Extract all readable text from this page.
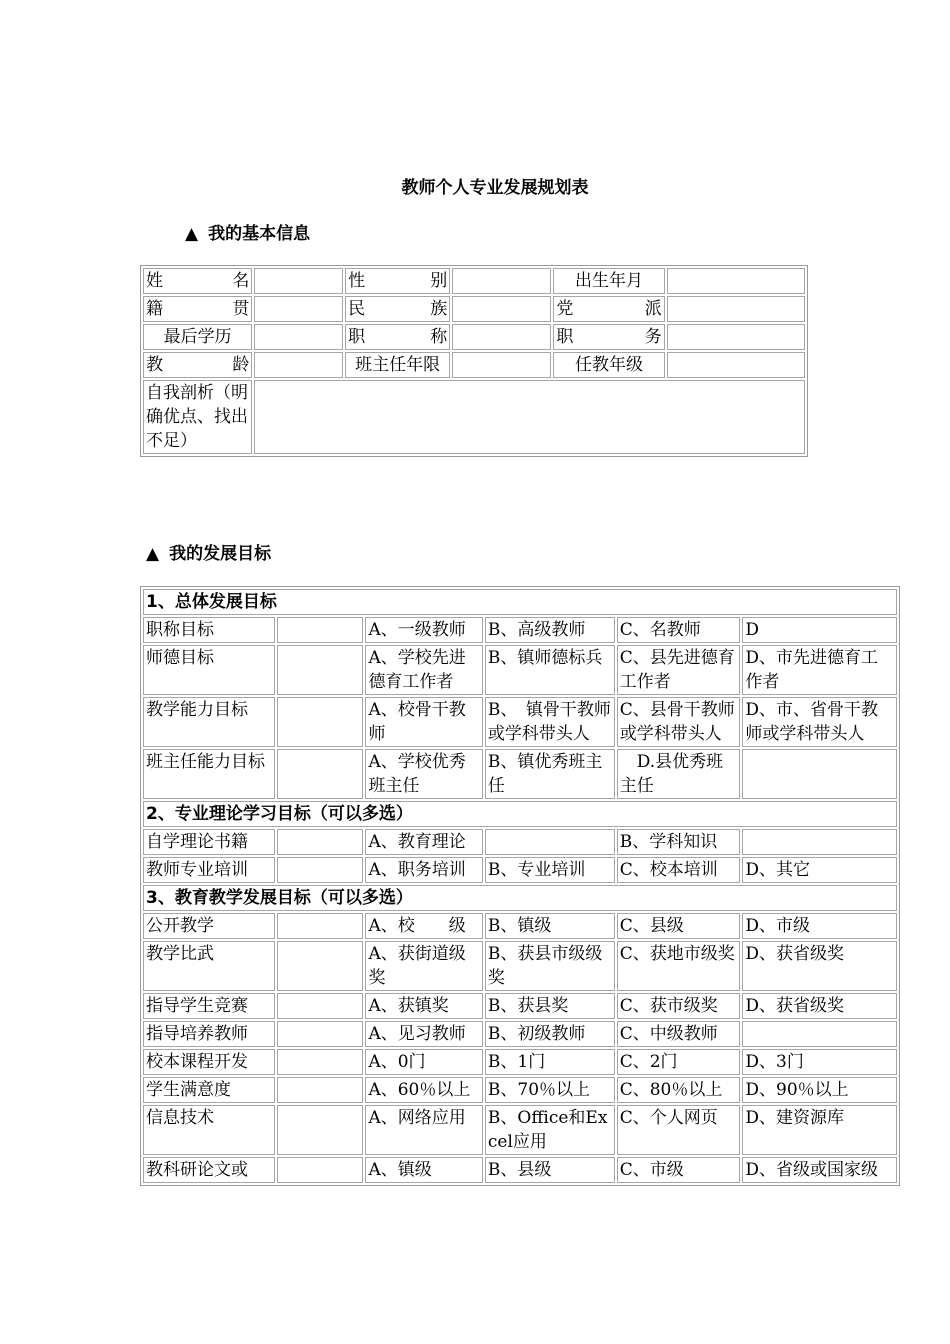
教师个人专业发展规划表
▲ 我的基本信息
姓　　名		性　　别		出生年月	
籍　　贯		民　　族		党　　派	
最后学历		职　　称		职　　务	
教　　龄		班主任年限		任教年级	
自我剖析（明确优点、找出不足）					
▲ 我的发展目标
1、总体发展目标					
职称目标		A、一级教师	B、高级教师	C、名教师	D
师德目标		A、学校先进德育工作者	B、镇师德标兵	C、县先进德育工作者	D、市先进德育工作者
教学能力目标		A、校骨干教师	B、　镇骨干教师或学科带头人	C、县骨干教师或学科带头人	D、市、省骨干教师或学科带头人
班主任能力目标		A、学校优秀班主任	B、镇优秀班主任	　D.县优秀班主任	
2、专业理论学习目标（可以多选）					
自学理论书籍		A、教育理论		B、学科知识	
教师专业培训		A、职务培训	B、专业培训	C、校本培训	D、其它
3、教育教学发展目标（可以多选）					
公开教学		A、校　　级	B、镇级	C、县级	D、市级
教学比武		A、获街道级奖	B、获县市级级奖	C、获地市级奖	D、获省级奖
指导学生竞赛		A、获镇奖	B、获县奖	C、获市级奖	D、获省级奖
指导培养教师		A、见习教师	B、初级教师	C、中级教师	
校本课程开发		A、0门	B、1门	C、2门	D、3门
学生满意度		A、60％以上	B、70％以上	C、80％以上	D、90％以上
信息技术		A、网络应用	B、Office和Excel应用	C、个人网页	D、建资源库
教科研论文或		A、镇级	B、县级	C、市级	D、省级或国家级
